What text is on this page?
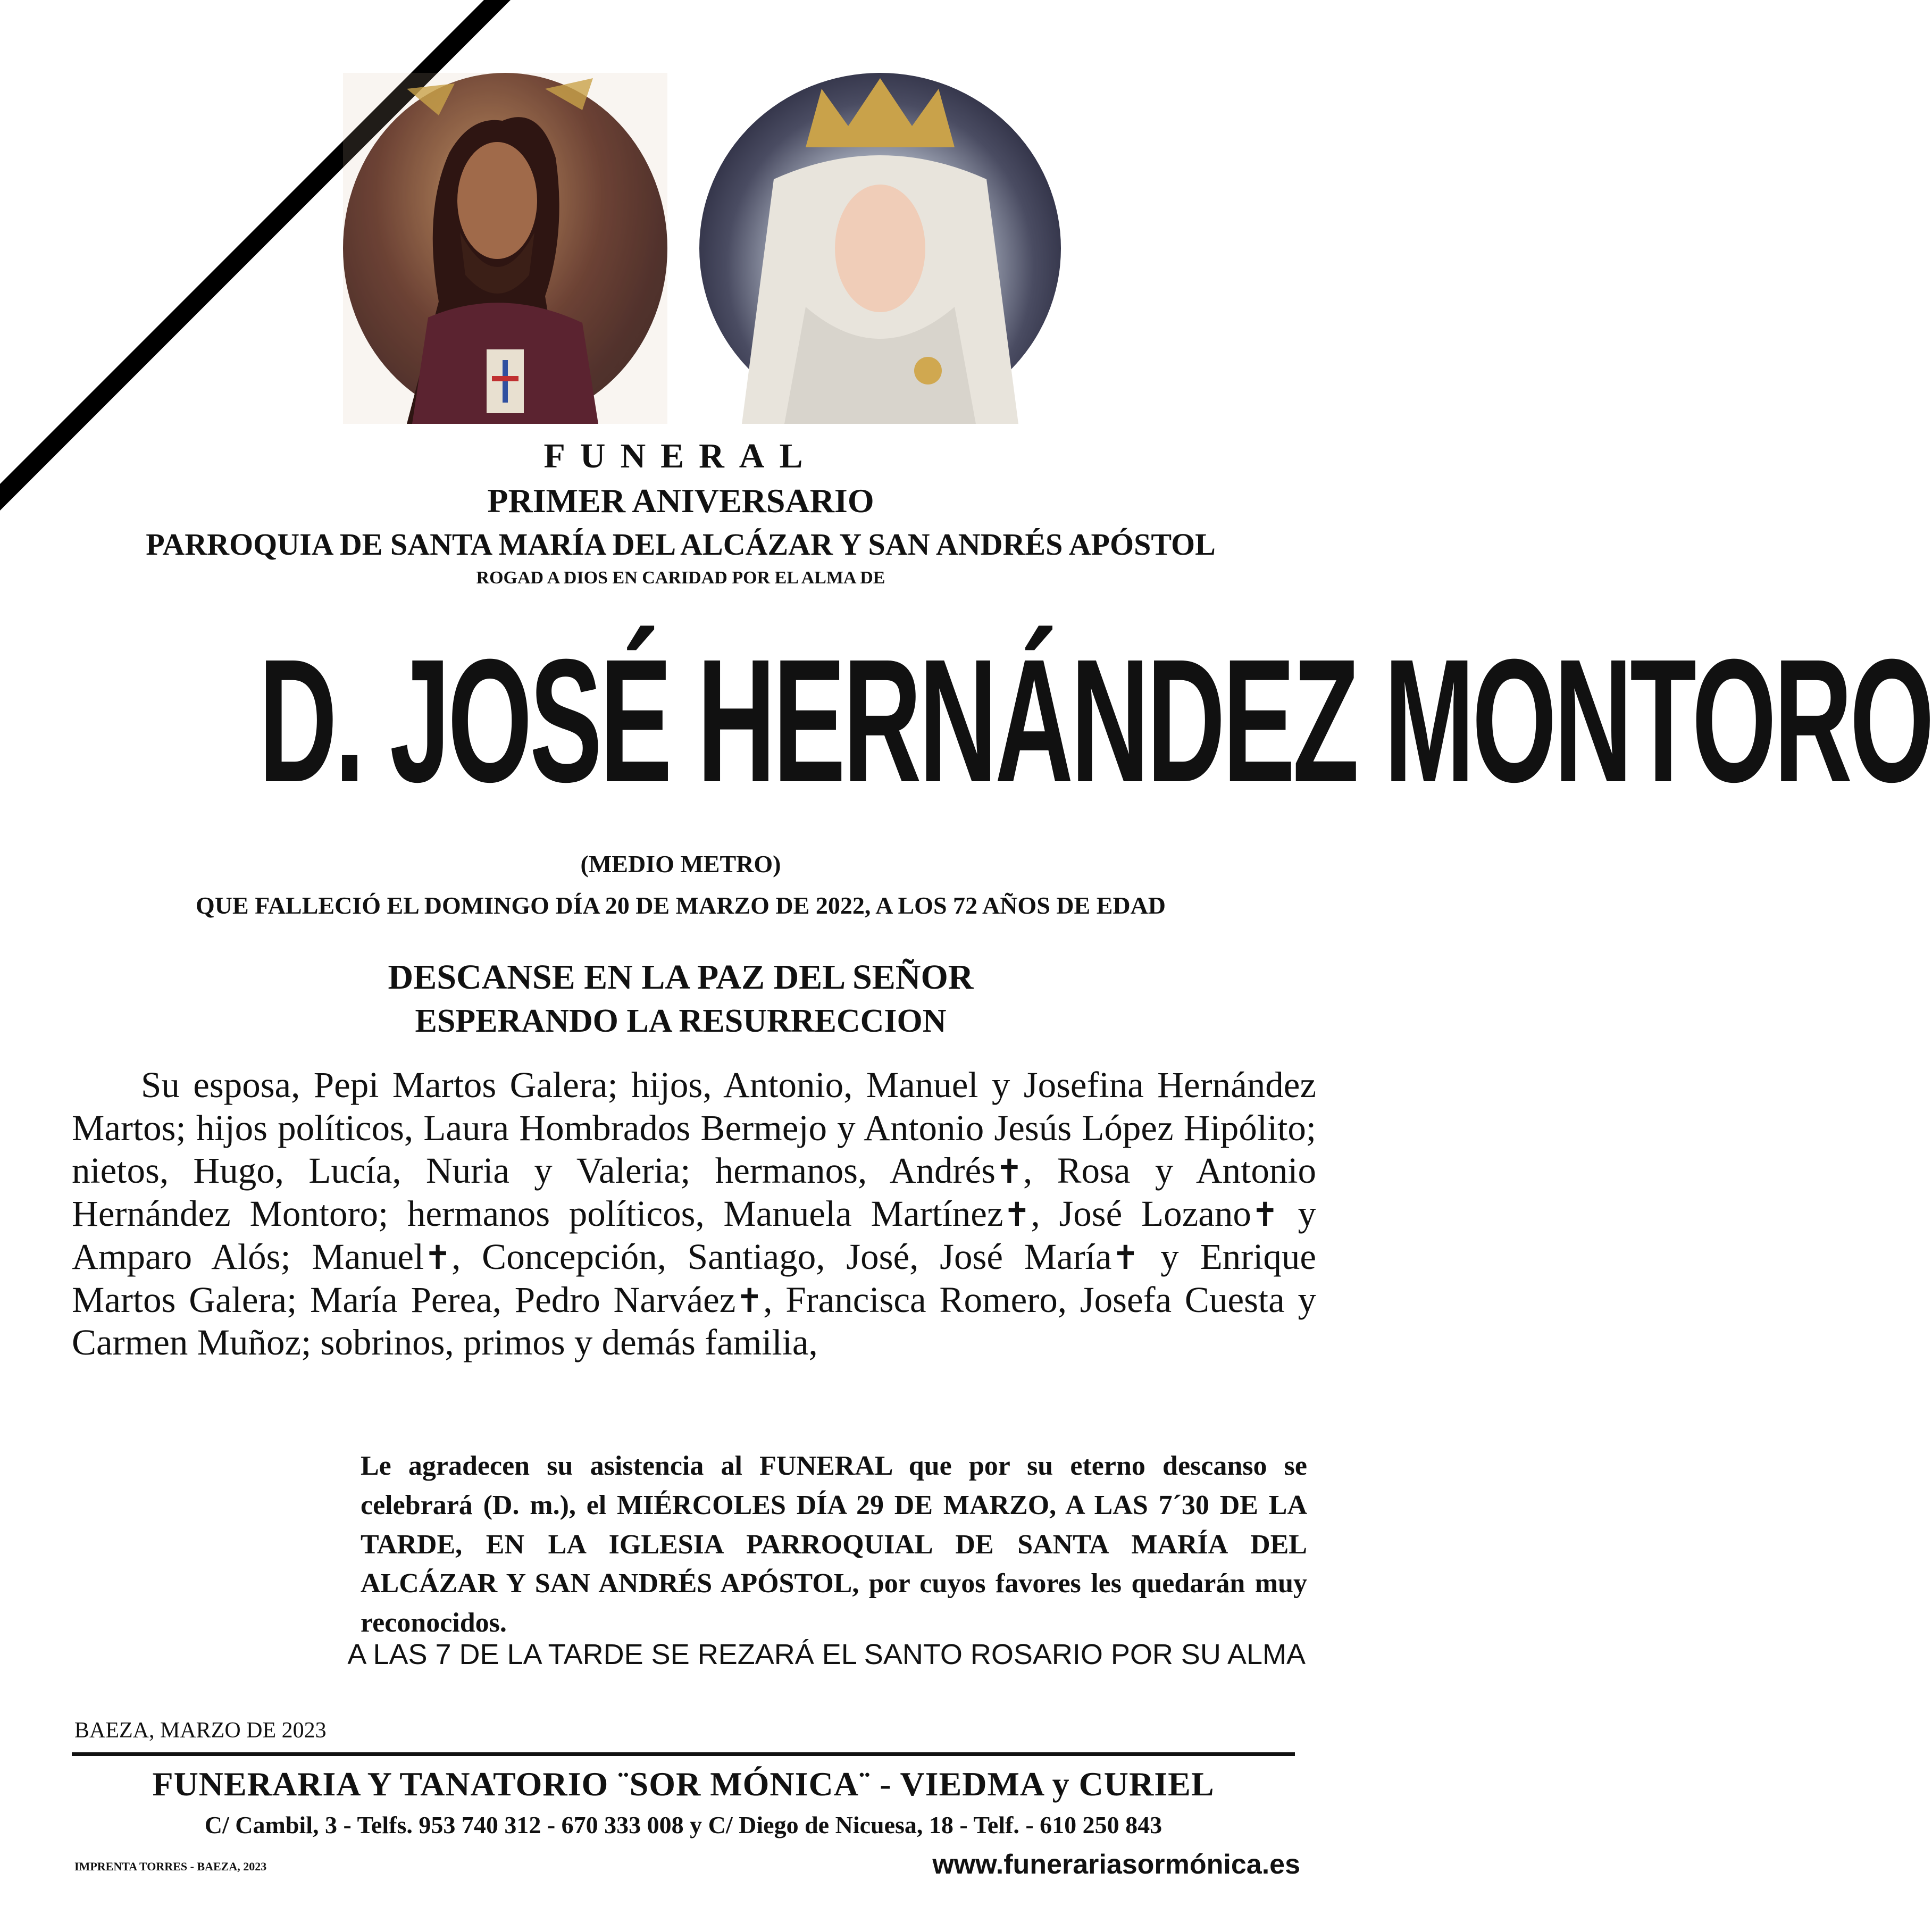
FUNERAL
PRIMER ANIVERSARIO
PARROQUIA DE SANTA MARÍA DEL ALCÁZAR Y SAN ANDRÉS APÓSTOL
ROGAD A DIOS EN CARIDAD POR EL ALMA DE
D. JOSÉ HERNÁNDEZ MONTORO
(MEDIO METRO)
QUE FALLECIÓ EL DOMINGO DÍA 20 DE MARZO DE 2022, A LOS 72 AÑOS DE EDAD
DESCANSE EN LA PAZ DEL SEÑOR
ESPERANDO LA RESURRECCION
Su esposa, Pepi Martos Galera; hijos, Antonio, Manuel y Josefina Hernández Martos; hijos políticos, Laura Hombrados Bermejo y Antonio Jesús López Hipólito; nietos, Hugo, Lucía, Nuria y Valeria; hermanos, Andrés✝, Rosa y Antonio Hernández Montoro; hermanos políticos, Manuela Martínez✝, José Lozano✝ y Amparo Alós; Manuel✝, Concepción, Santiago, José, José María✝ y Enrique Martos Galera; María Perea, Pedro Narváez✝, Francisca Romero, Josefa Cuesta y Carmen Muñoz; sobrinos, primos y demás familia,
Le agradecen su asistencia al FUNERAL que por su eterno descanso se celebrará (D. m.), el MIÉRCOLES DÍA 29 DE MARZO, A LAS 7´30 DE LA TARDE, EN LA IGLESIA PARROQUIAL DE SANTA MARÍA DEL ALCÁZAR Y SAN ANDRÉS APÓSTOL, por cuyos favores les quedarán muy reconocidos.
A LAS 7 DE LA TARDE SE REZARÁ EL SANTO ROSARIO POR SU ALMA
BAEZA, MARZO DE 2023
FUNERARIA Y TANATORIO ¨SOR MÓNICA¨ - VIEDMA y CURIEL
C/ Cambil, 3 - Telfs. 953 740 312 - 670 333 008 y C/ Diego de Nicuesa, 18 - Telf. - 610 250 843
IMPRENTA TORRES - BAEZA, 2023	www.funerariasormónica.es
